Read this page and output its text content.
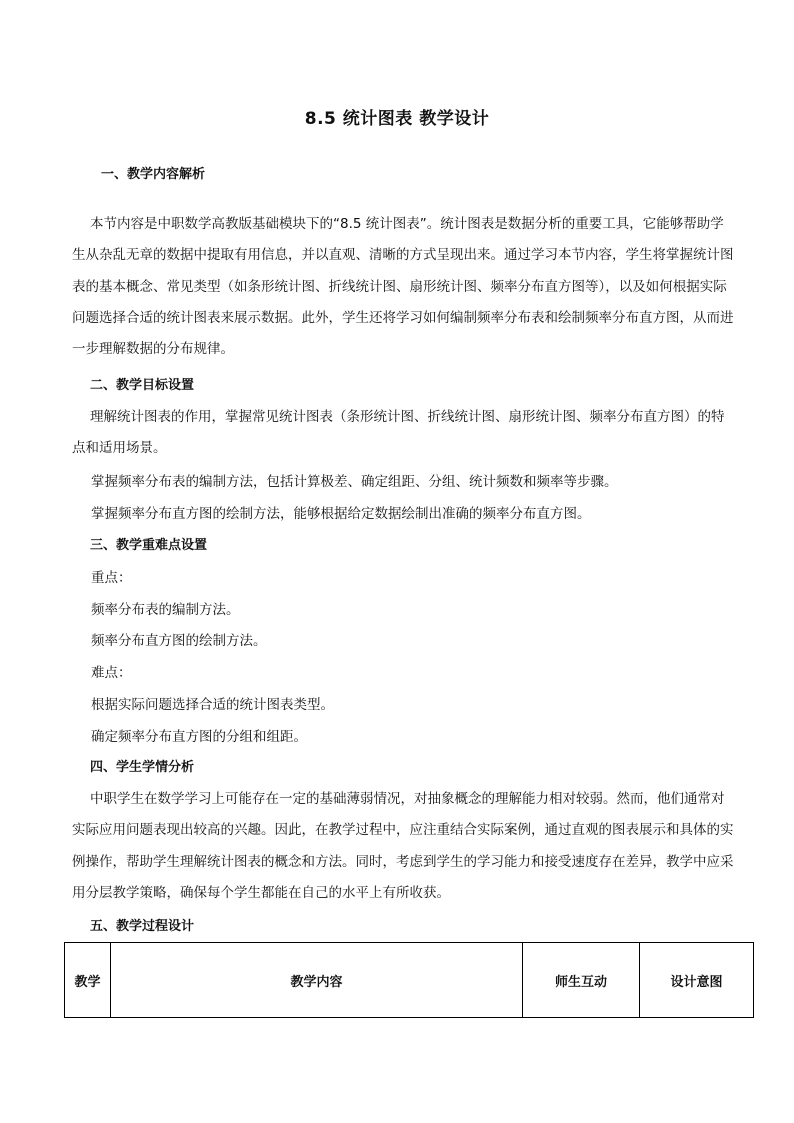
8.5 统计图表 教学设计
一、教学内容解析

本节内容是中职数学高教版基础模块下的“8.5 统计图表”。统计图表是数据分析的重要工具，它能够帮助学生从杂乱无章的数据中提取有用信息，并以直观、清晰的方式呈现出来。通过学习本节内容，学生将掌握统计图表的基本概念、常见类型（如条形统计图、折线统计图、扇形统计图、频率分布直方图等），以及如何根据实际问题选择合适的统计图表来展示数据。此外，学生还将学习如何编制频率分布表和绘制频率分布直方图，从而进一步理解数据的分布规律。

二、教学目标设置

理解统计图表的作用，掌握常见统计图表（条形统计图、折线统计图、扇形统计图、频率分布直方图）的特点和适用场景。

掌握频率分布表的编制方法，包括计算极差、确定组距、分组、统计频数和频率等步骤。
掌握频率分布直方图的绘制方法，能够根据给定数据绘制出准确的频率分布直方图。
三、教学重难点设置
重点：
频率分布表的编制方法。
频率分布直方图的绘制方法。
难点：
根据实际问题选择合适的统计图表类型。
确定频率分布直方图的分组和组距。
四、学生学情分析

中职学生在数学学习上可能存在一定的基础薄弱情况，对抽象概念的理解能力相对较弱。然而，他们通常对实际应用问题表现出较高的兴趣。因此，在教学过程中，应注重结合实际案例，通过直观的图表展示和具体的实例操作，帮助学生理解统计图表的概念和方法。同时，考虑到学生的学习能力和接受速度存在差异，教学中应采用分层教学策略，确保每个学生都能在自己的水平上有所收获。

五、教学过程设计
教学	教学内容	师生互动	设计意图
